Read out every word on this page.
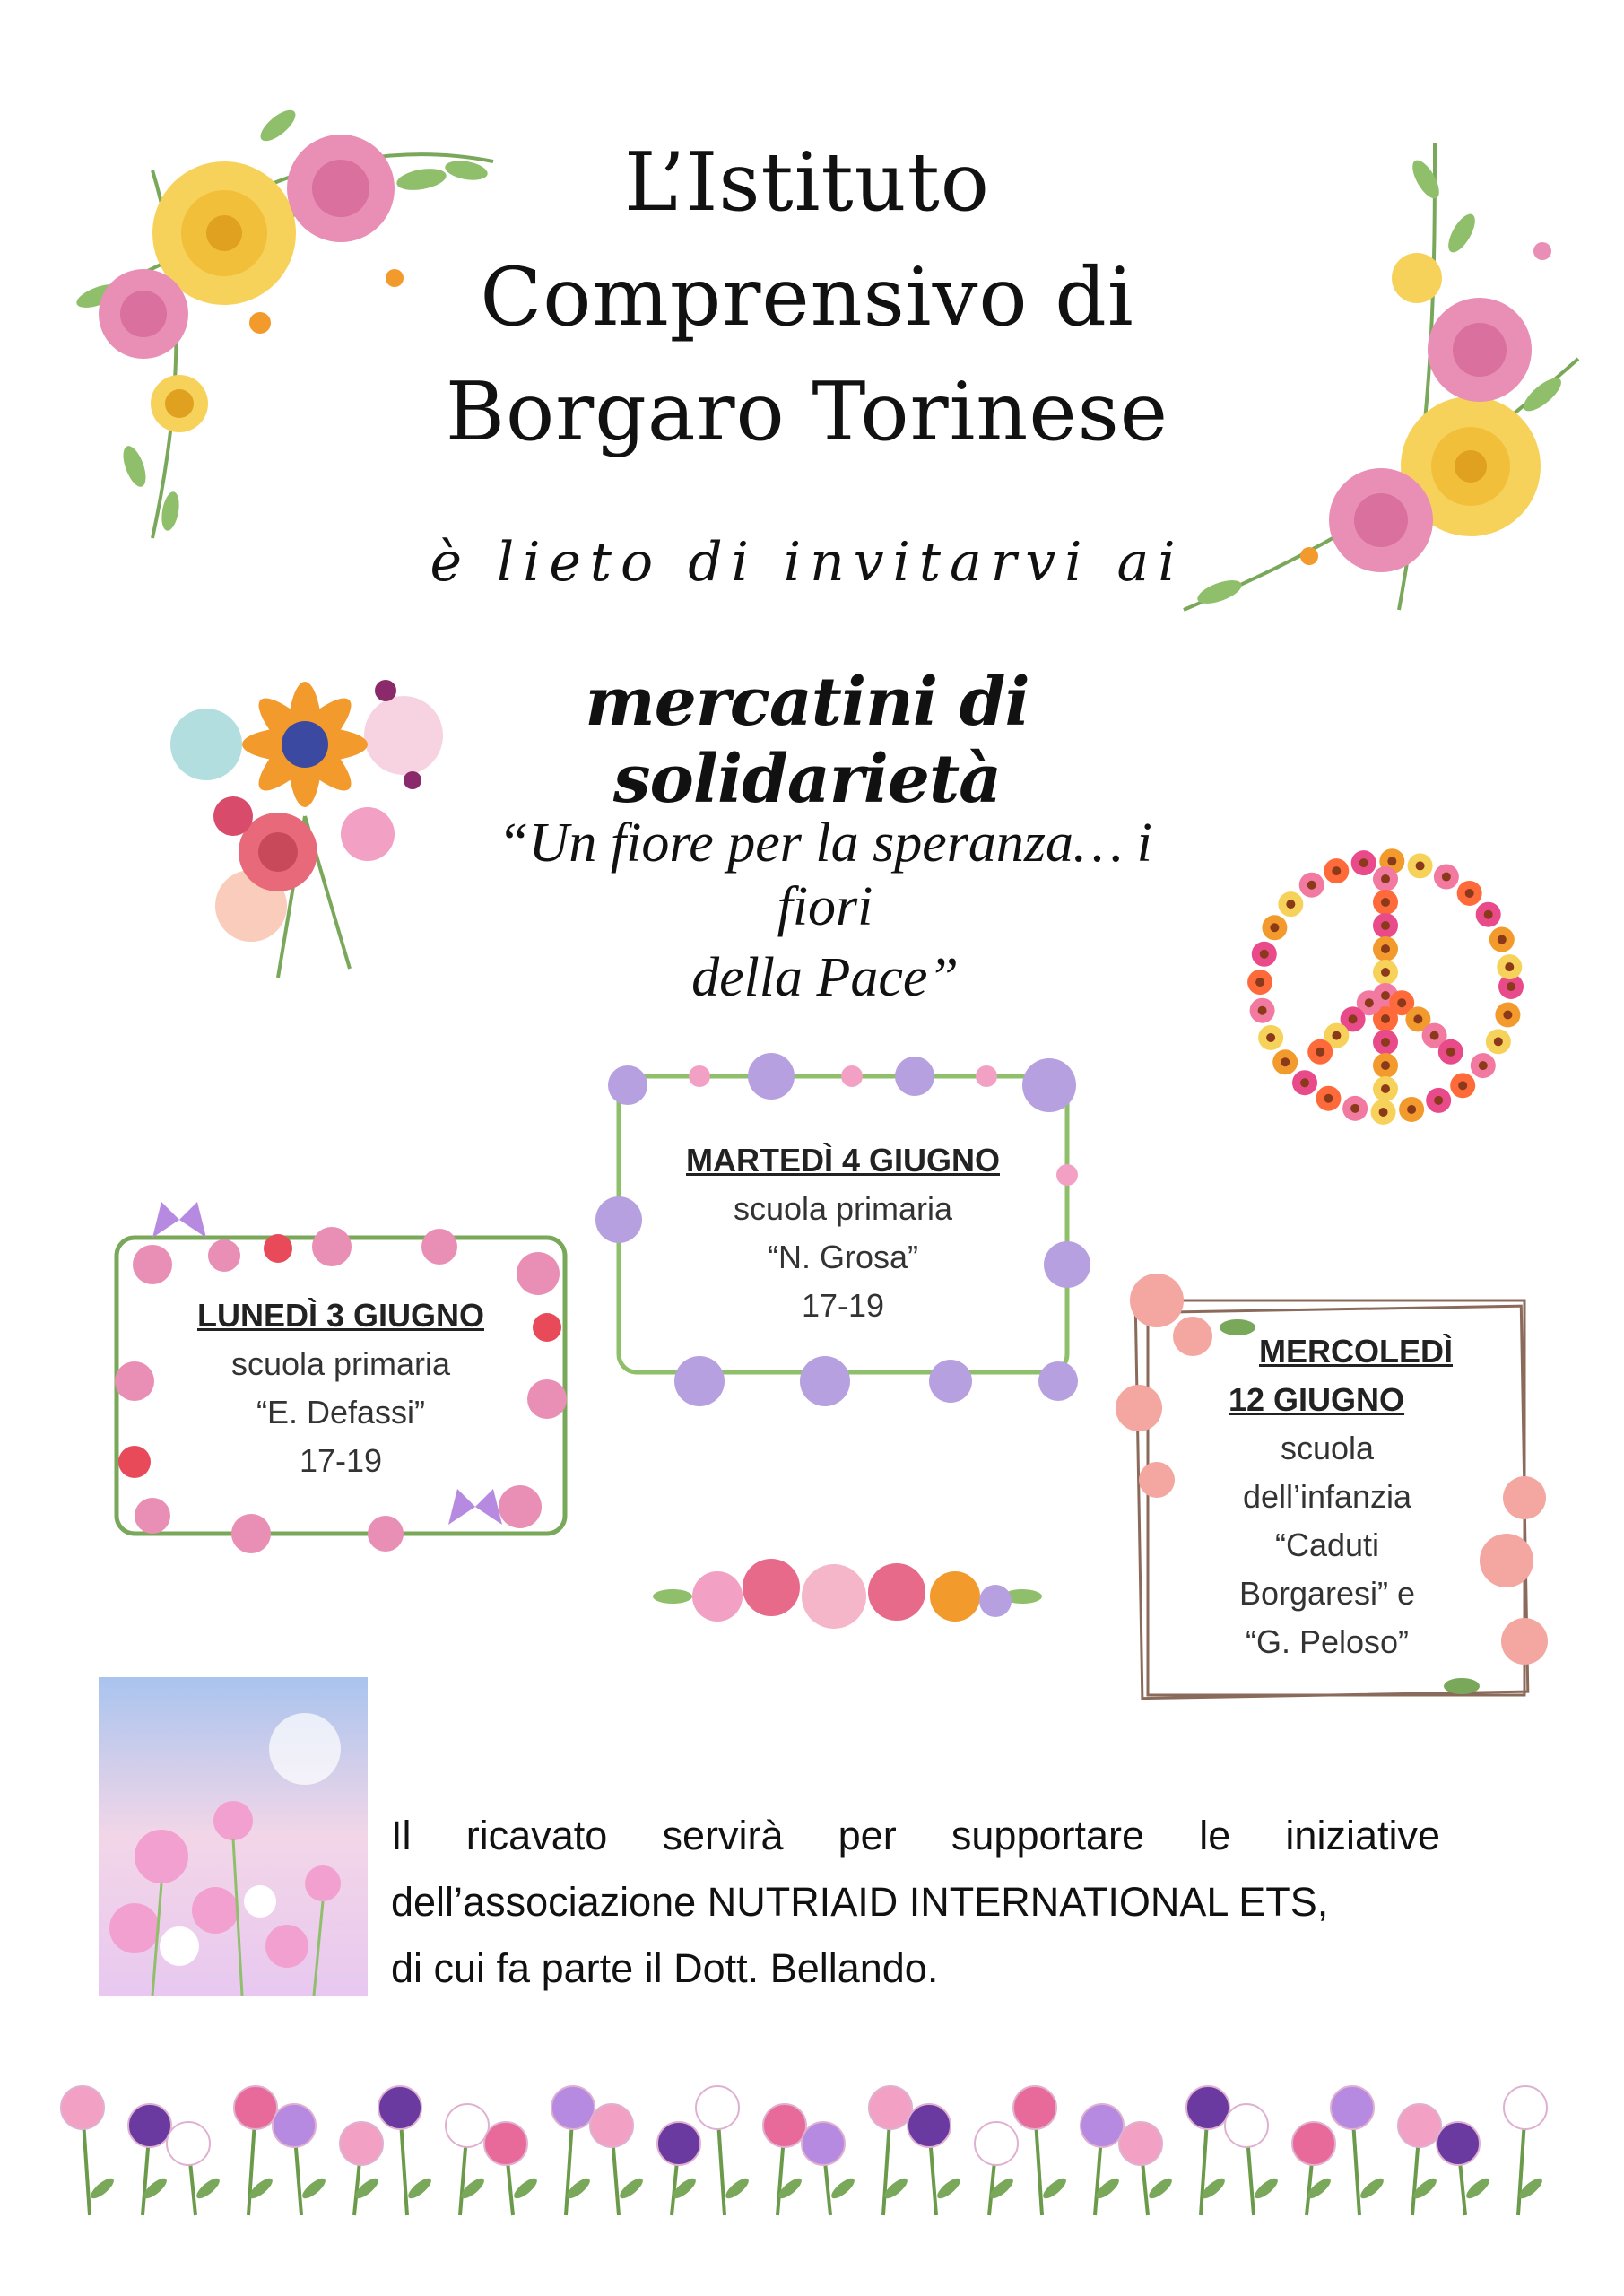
L’Istituto
Comprensivo di
Borgaro Torinese
è lieto di invitarvi ai
mercatini di solidarietà
“Un fiore per la speranza… i fiori
della Pace”
LUNEDÌ 3 GIUGNO
scuola primaria
“E. Defassi”
17-19
MARTEDÌ 4 GIUGNO
scuola primaria
“N. Grosa”
17-19
MERCOLEDÌ
12 GIUGNO
scuola
dell’infanzia
“Caduti
Borgaresi” e
“G. Peloso”
Il ricavato servirà per supportare le iniziative
dell’associazione NUTRIAID INTERNATIONAL ETS,
di cui fa parte il Dott. Bellando.
